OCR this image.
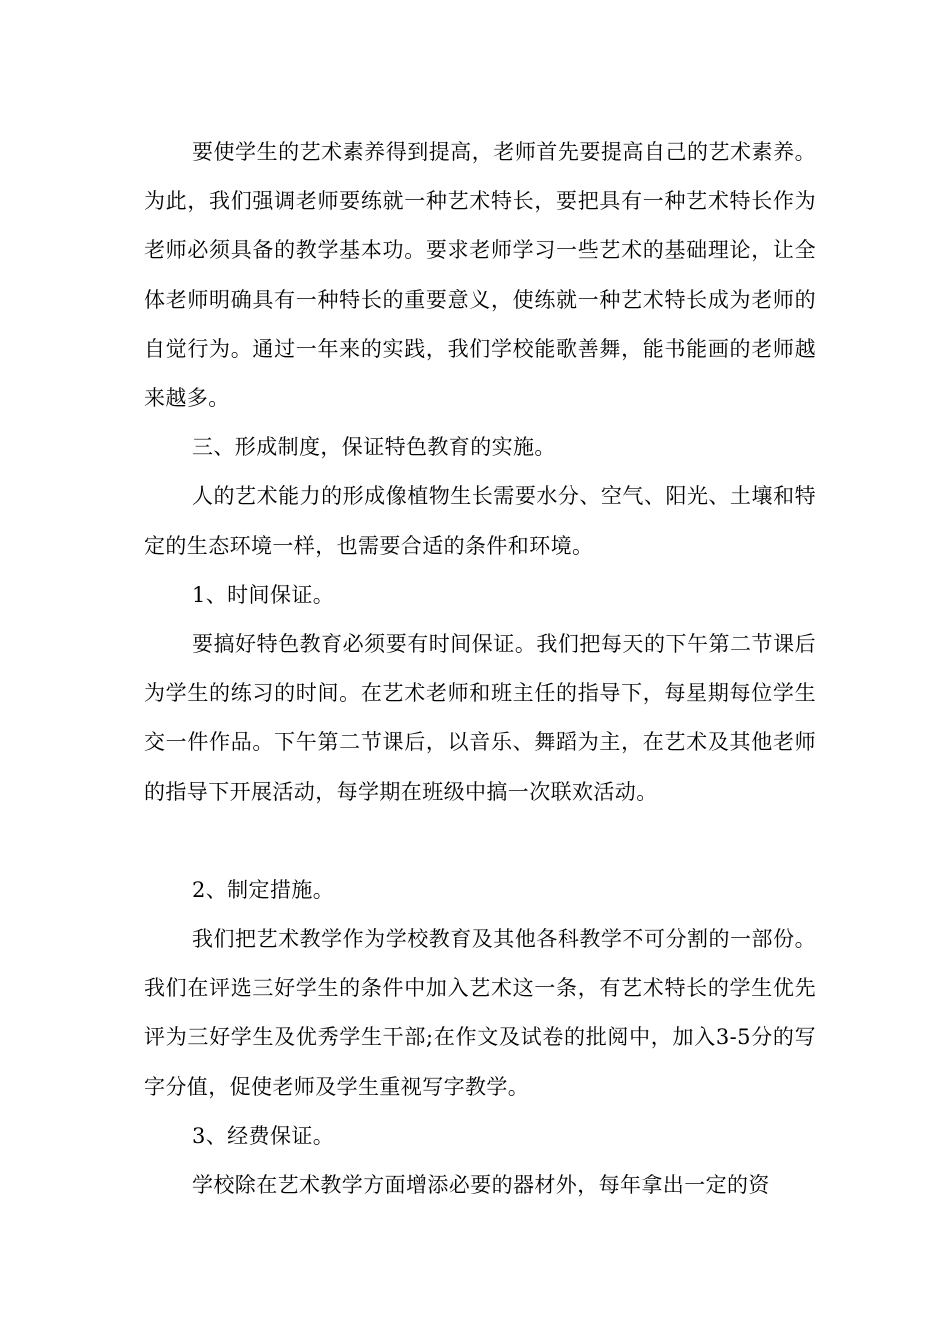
要使学生的艺术素养得到提高，老师首先要提高自己的艺术素养。为此，我们强调老师要练就一种艺术特长，要把具有一种艺术特长作为老师必须具备的教学基本功。要求老师学习一些艺术的基础理论，让全体老师明确具有一种特长的重要意义，使练就一种艺术特长成为老师的自觉行为。通过一年来的实践，我们学校能歌善舞，能书能画的老师越来越多。

三、形成制度，保证特色教育的实施。

人的艺术能力的形成像植物生长需要水分、空气、阳光、土壤和特定的生态环境一样，也需要合适的条件和环境。

1、时间保证。

要搞好特色教育必须要有时间保证。我们把每天的下午第二节课后为学生的练习的时间。在艺术老师和班主任的指导下，每星期每位学生交一件作品。下午第二节课后，以音乐、舞蹈为主，在艺术及其他老师的指导下开展活动，每学期在班级中搞一次联欢活动。

2、制定措施。

我们把艺术教学作为学校教育及其他各科教学不可分割的一部份。我们在评选三好学生的条件中加入艺术这一条，有艺术特长的学生优先评为三好学生及优秀学生干部;在作文及试卷的批阅中，加入3-5分的写字分值，促使老师及学生重视写字教学。

3、经费保证。

学校除在艺术教学方面增添必要的器材外，每年拿出一定的资
